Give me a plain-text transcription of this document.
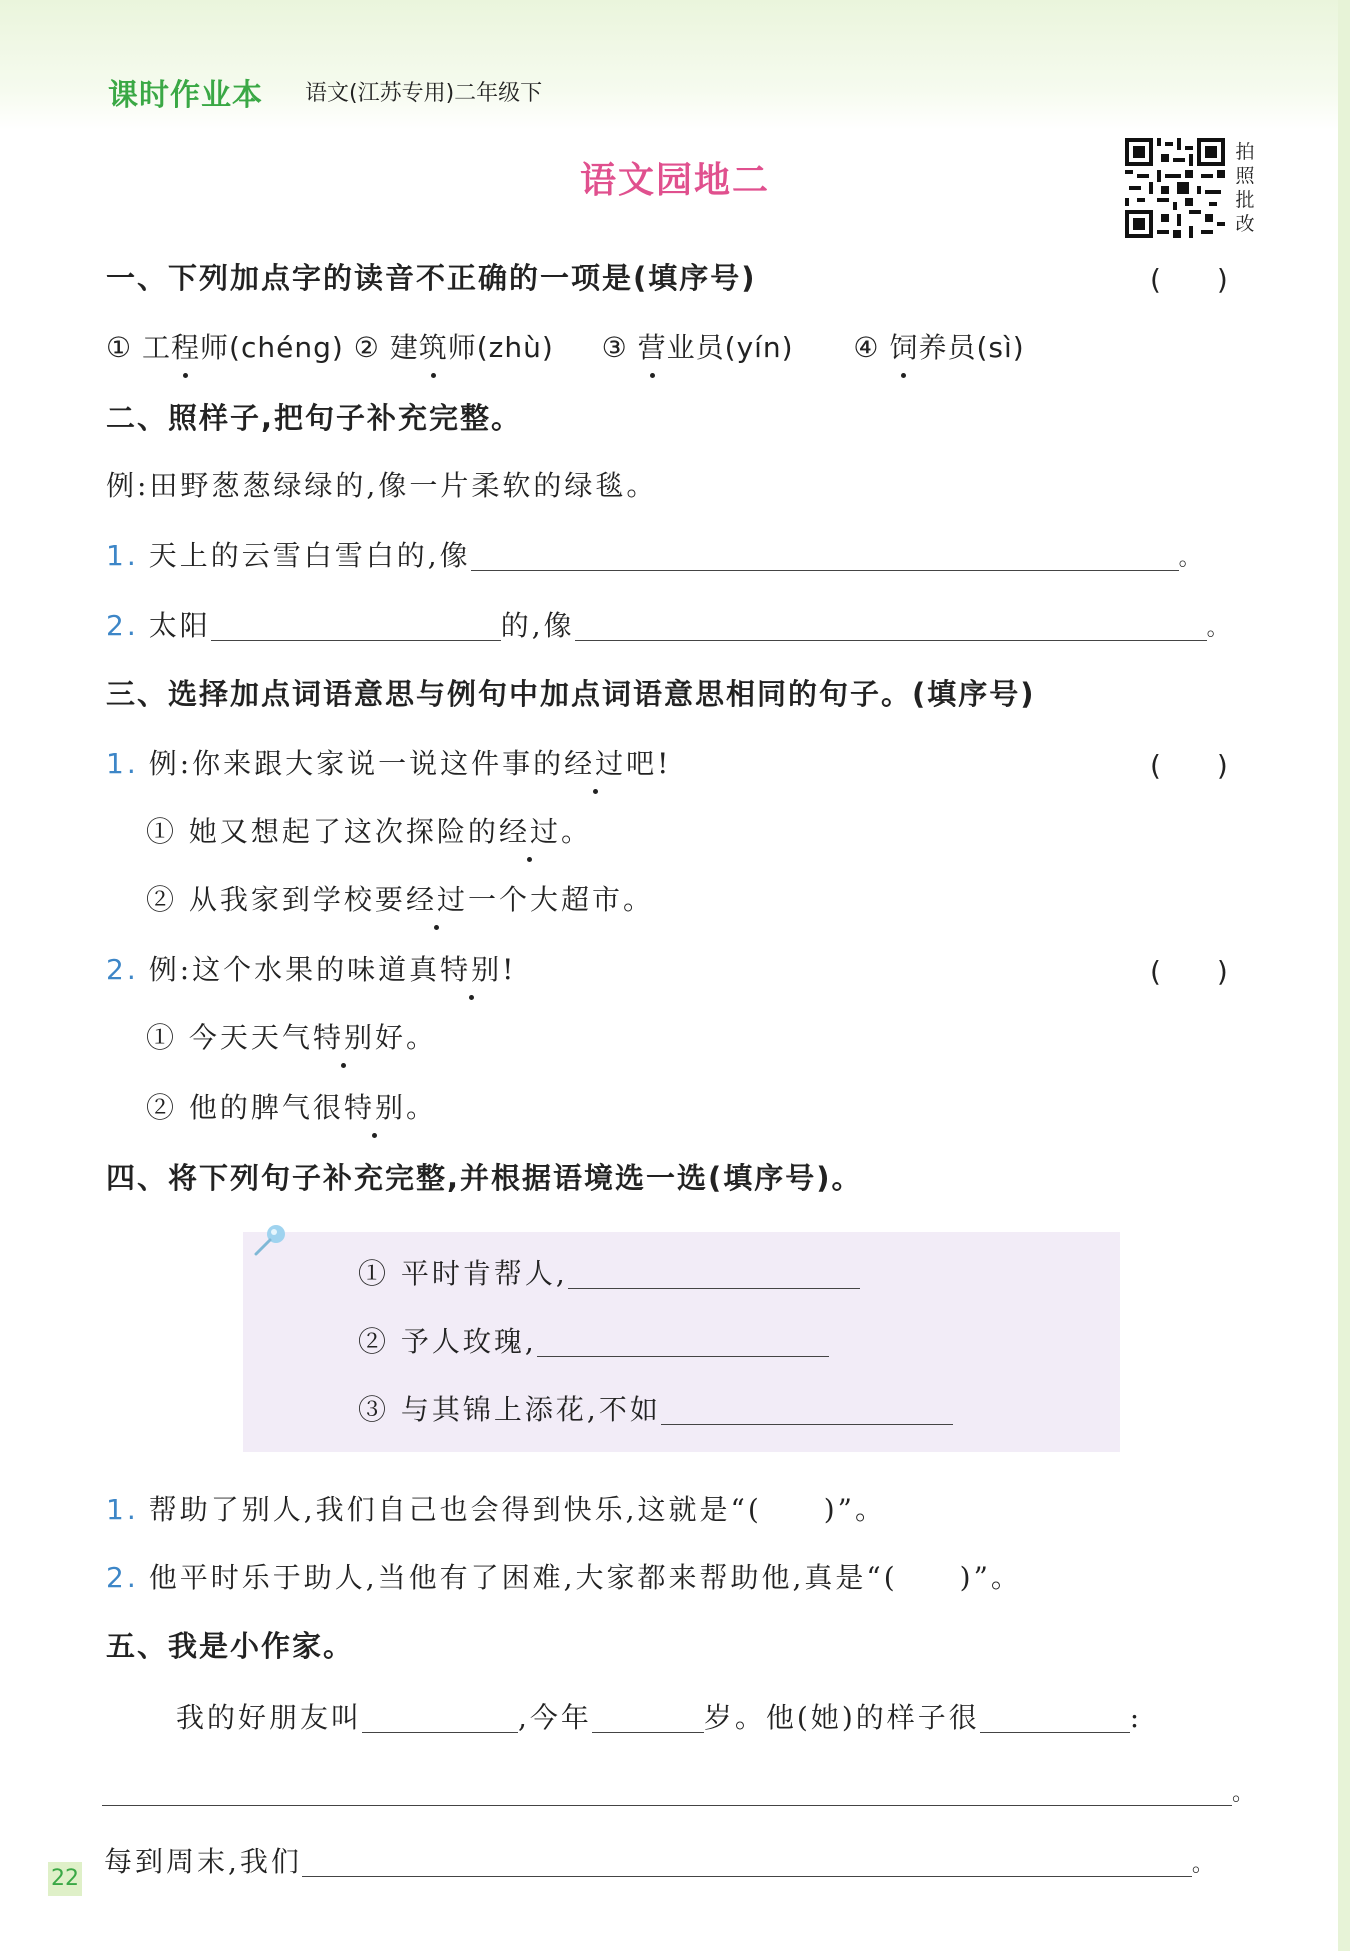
课时作业本 语文(江苏专用)二年级下
语文园地二
拍照批改
一、下列加点字的读音不正确的一项是(填序号)	(　　)
① 工程师(chéng) ② 建筑师(zhù) ③ 营业员(yín) ④ 饲养员(sì)
二、照样子,把句子补充完整。
例:田野葱葱绿绿的,像一片柔软的绿毯。
1. 天上的云雪白雪白的,像	。
2. 太阳	的,像	。
三、选择加点词语意思与例句中加点词语意思相同的句子。(填序号)
1. 例:你来跟大家说一说这件事的经过吧!	(　　)
① 她又想起了这次探险的经过。
② 从我家到学校要经过一个大超市。
2. 例:这个水果的味道真特别!	(　　)
① 今天天气特别好。
② 他的脾气很特别。
四、将下列句子补充完整,并根据语境选一选(填序号)。
① 平时肯帮人,
② 予人玫瑰,
③ 与其锦上添花,不如
1. 帮助了别人,我们自己也会得到快乐,这就是“(　　)”。
2. 他平时乐于助人,当他有了困难,大家都来帮助他,真是“(　　)”。
五、我是小作家。
我的好朋友叫	,今年	岁。他(她)的样子很	:
。
每到周末,我们	。
22
